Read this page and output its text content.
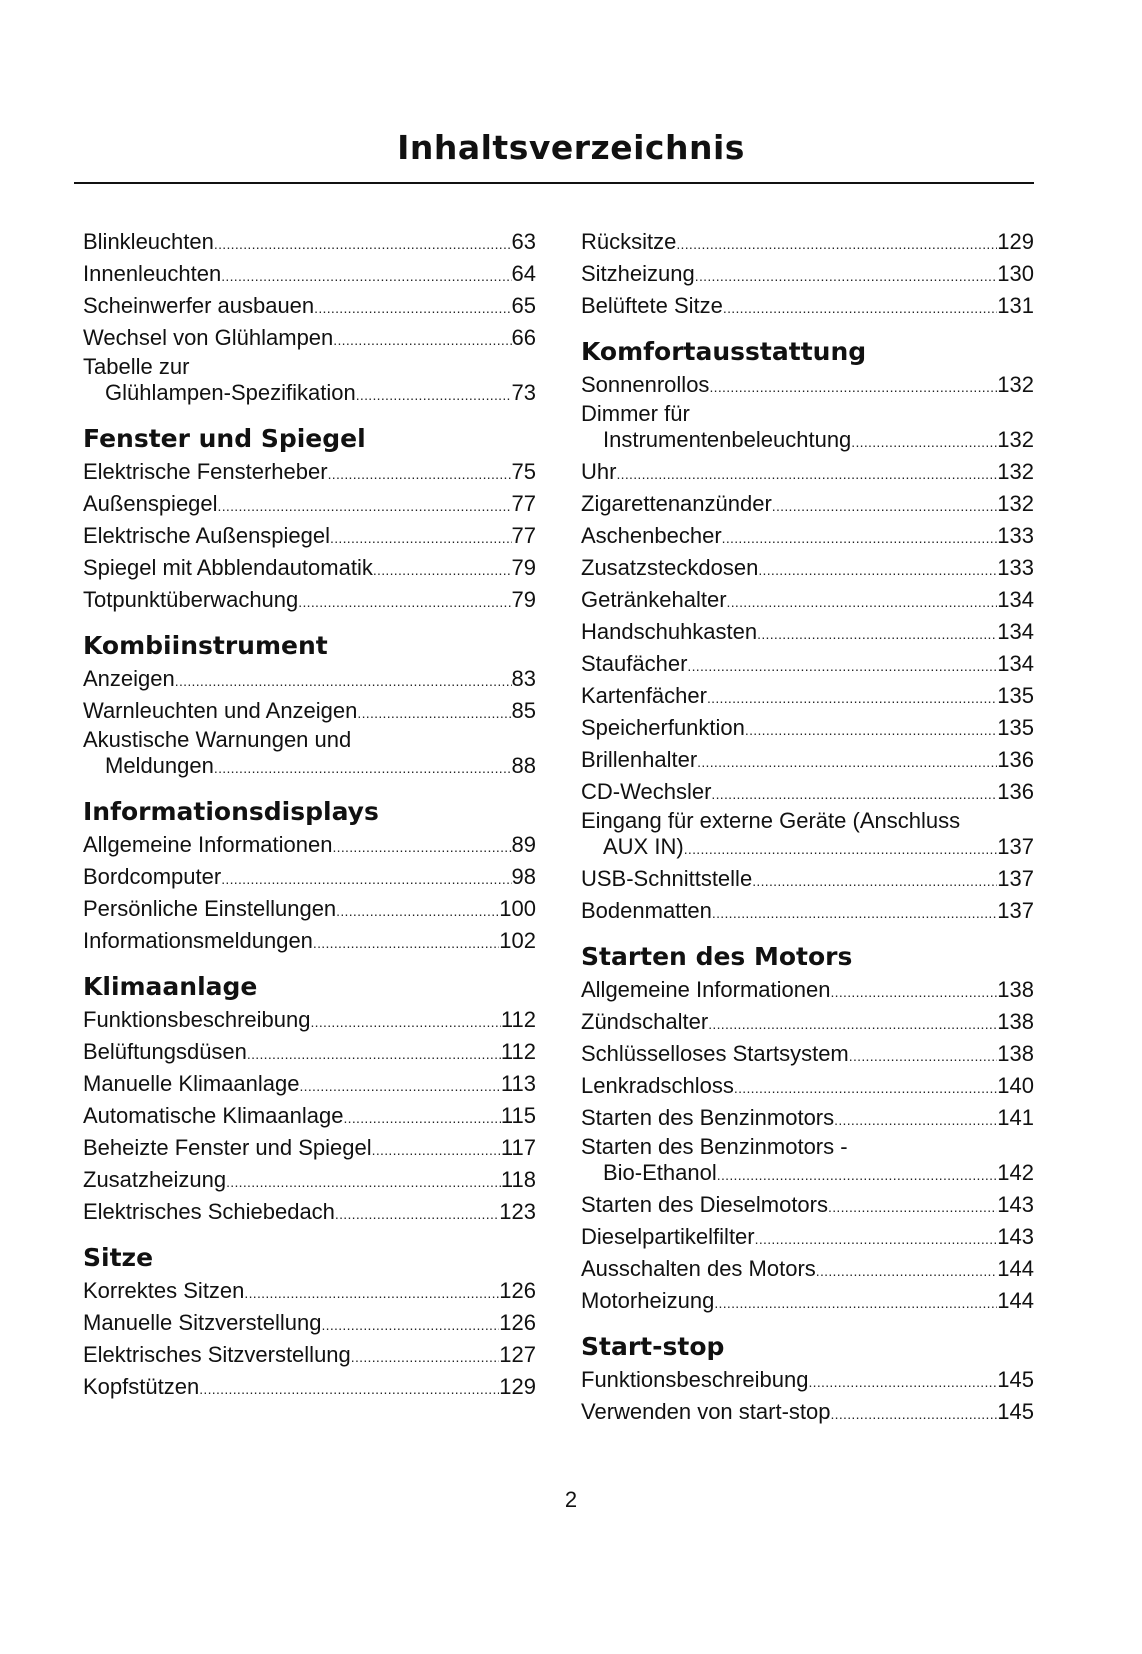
Inhaltsverzeichnis
Blinkleuchten .....	63
Innenleuchten .....	64
Scheinwerfer ausbauen .....	65
Wechsel von Glühlampen .....	66
Tabelle zur
Glühlampen-Spezifikation .....	73
Fenster und Spiegel
Elektrische Fensterheber .....	75
Außenspiegel .....	77
Elektrische Außenspiegel .....	77
Spiegel mit Abblendautomatik .....	79
Totpunktüberwachung .....	79
Kombiinstrument
Anzeigen .....	83
Warnleuchten und Anzeigen .....	85
Akustische Warnungen und
Meldungen .....	88
Informationsdisplays
Allgemeine Informationen .....	89
Bordcomputer .....	98
Persönliche Einstellungen .....	100
Informationsmeldungen .....	102
Klimaanlage
Funktionsbeschreibung .....	112
Belüftungsdüsen .....	112
Manuelle Klimaanlage .....	113
Automatische Klimaanlage .....	115
Beheizte Fenster und Spiegel .....	117
Zusatzheizung .....	118
Elektrisches Schiebedach .....	123
Sitze
Korrektes Sitzen .....	126
Manuelle Sitzverstellung .....	126
Elektrisches Sitzverstellung .....	127
Kopfstützen .....	129
Rücksitze .....	129
Sitzheizung .....	130
Belüftete Sitze .....	131
Komfortausstattung
Sonnenrollos .....	132
Dimmer für
Instrumentenbeleuchtung .....	132
Uhr .....	132
Zigarettenanzünder .....	132
Aschenbecher .....	133
Zusatzsteckdosen .....	133
Getränkehalter .....	134
Handschuhkasten .....	134
Staufächer .....	134
Kartenfächer .....	135
Speicherfunktion .....	135
Brillenhalter .....	136
CD-Wechsler .....	136
Eingang für externe Geräte (Anschluss
AUX IN) .....	137
USB-Schnittstelle .....	137
Bodenmatten .....	137
Starten des Motors
Allgemeine Informationen .....	138
Zündschalter .....	138
Schlüsselloses Startsystem .....	138
Lenkradschloss .....	140
Starten des Benzinmotors .....	141
Starten des Benzinmotors -
Bio-Ethanol .....	142
Starten des Dieselmotors .....	143
Dieselpartikelfilter .....	143
Ausschalten des Motors .....	144
Motorheizung .....	144
Start-stop
Funktionsbeschreibung .....	145
Verwenden von start-stop .....	145
2
